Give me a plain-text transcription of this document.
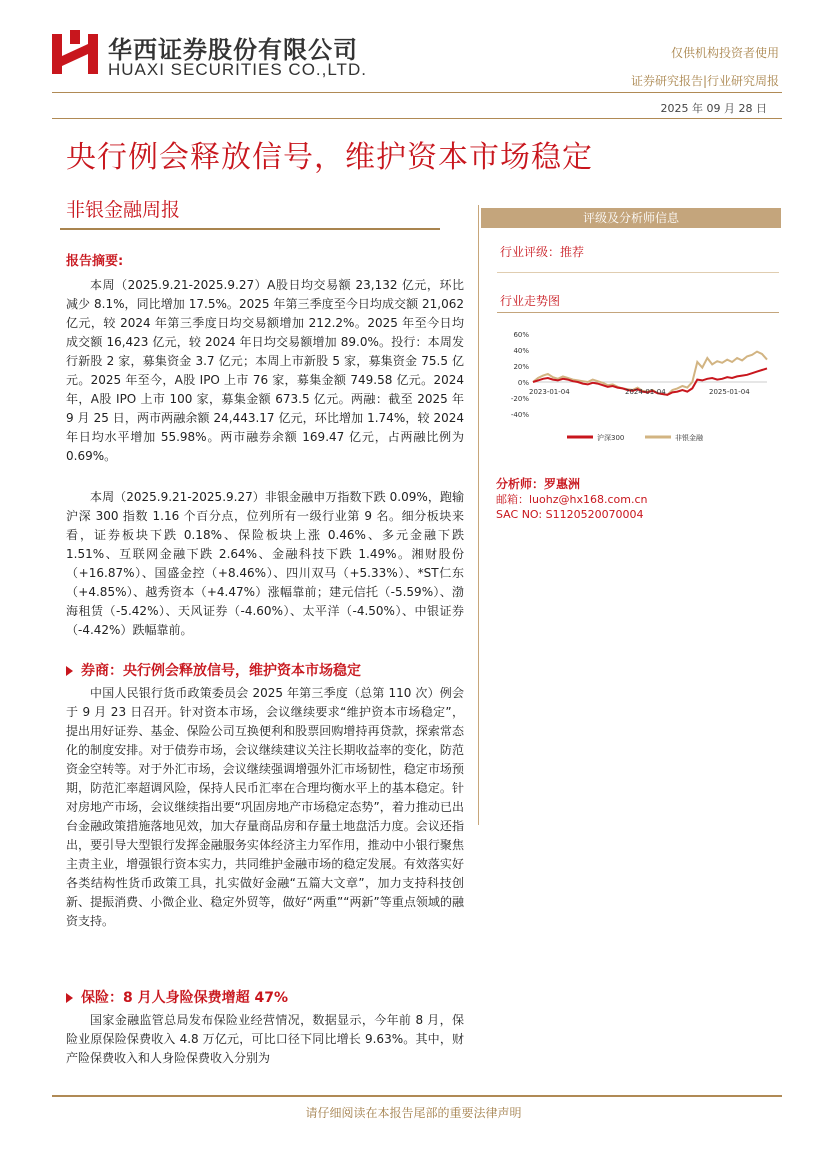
华西证券股份有限公司
HUAXI SECURITIES CO.,LTD.
仅供机构投资者使用
证券研究报告|行业研究周报
2025 年 09 月 28 日
央行例会释放信号，维护资本市场稳定
非银金融周报
报告摘要:

本周（2025.9.21-2025.9.27）A股日均交易额 23,132 亿元，环比减少 8.1%，同比增加 17.5%。2025 年第三季度至今日均成交额 21,062 亿元，较 2024 年第三季度日均交易额增加 212.2%。2025 年至今日均成交额 16,423 亿元，较 2024 年日均交易额增加 89.0%。投行：本周发行新股 2 家，募集资金 3.7 亿元；本周上市新股 5 家，募集资金 75.5 亿元。2025 年至今，A股 IPO 上市 76 家，募集金额 749.58 亿元。2024 年，A股 IPO 上市 100 家，募集金额 673.5 亿元。两融：截至 2025 年 9 月 25 日，两市两融余额 24,443.17 亿元，环比增加 1.74%，较 2024 年日均水平增加 55.98%。两市融券余额 169.47 亿元，占两融比例为 0.69%。

本周（2025.9.21-2025.9.27）非银金融申万指数下跌 0.09%，跑输沪深 300 指数 1.16 个百分点，位列所有一级行业第 9 名。细分板块来看，证券板块下跌 0.18%、保险板块上涨 0.46%、多元金融下跌 1.51%、互联网金融下跌 2.64%、金融科技下跌 1.49%。湘财股份（+16.87%）、国盛金控（+8.46%）、四川双马（+5.33%）、*ST仁东（+4.85%）、越秀资本（+4.47%）涨幅靠前；建元信托（-5.59%）、渤海租赁（-5.42%）、天风证券（-4.60%）、太平洋（-4.50%）、中银证券（-4.42%）跌幅靠前。

券商：央行例会释放信号，维护资本市场稳定

中国人民银行货币政策委员会 2025 年第三季度（总第 110 次）例会于 9 月 23 日召开。针对资本市场，会议继续要求“维护资本市场稳定”，提出用好证券、基金、保险公司互换便利和股票回购增持再贷款，探索常态化的制度安排。对于债券市场，会议继续建议关注长期收益率的变化，防范资金空转等。对于外汇市场，会议继续强调增强外汇市场韧性，稳定市场预期，防范汇率超调风险，保持人民币汇率在合理均衡水平上的基本稳定。针对房地产市场，会议继续指出要“巩固房地产市场稳定态势”，着力推动已出台金融政策措施落地见效，加大存量商品房和存量土地盘活力度。会议还指出，要引导大型银行发挥金融服务实体经济主力军作用，推动中小银行聚焦主责主业，增强银行资本实力，共同维护金融市场的稳定发展。有效落实好各类结构性货币政策工具，扎实做好金融“五篇大文章”，加力支持科技创新、提振消费、小微企业、稳定外贸等，做好“两重”“两新”等重点领域的融资支持。

保险：8 月人身险保费增超 47%

国家金融监管总局发布保险业经营情况，数据显示，今年前 8 月，保险业原保险保费收入 4.8 万亿元，可比口径下同比增长 9.63%。其中，财产险保费收入和人身险保费收入分别为

评级及分析师信息
行业评级：推荐
行业走势图
60%
40%
20%
0%
-20%
-40%
2023-01-04	2024-01-04	2025-01-04
沪深300	非银金融
分析师：罗惠洲
邮箱：luohz@hx168.com.cn
SAC NO: S1120520070004
请仔细阅读在本报告尾部的重要法律声明
